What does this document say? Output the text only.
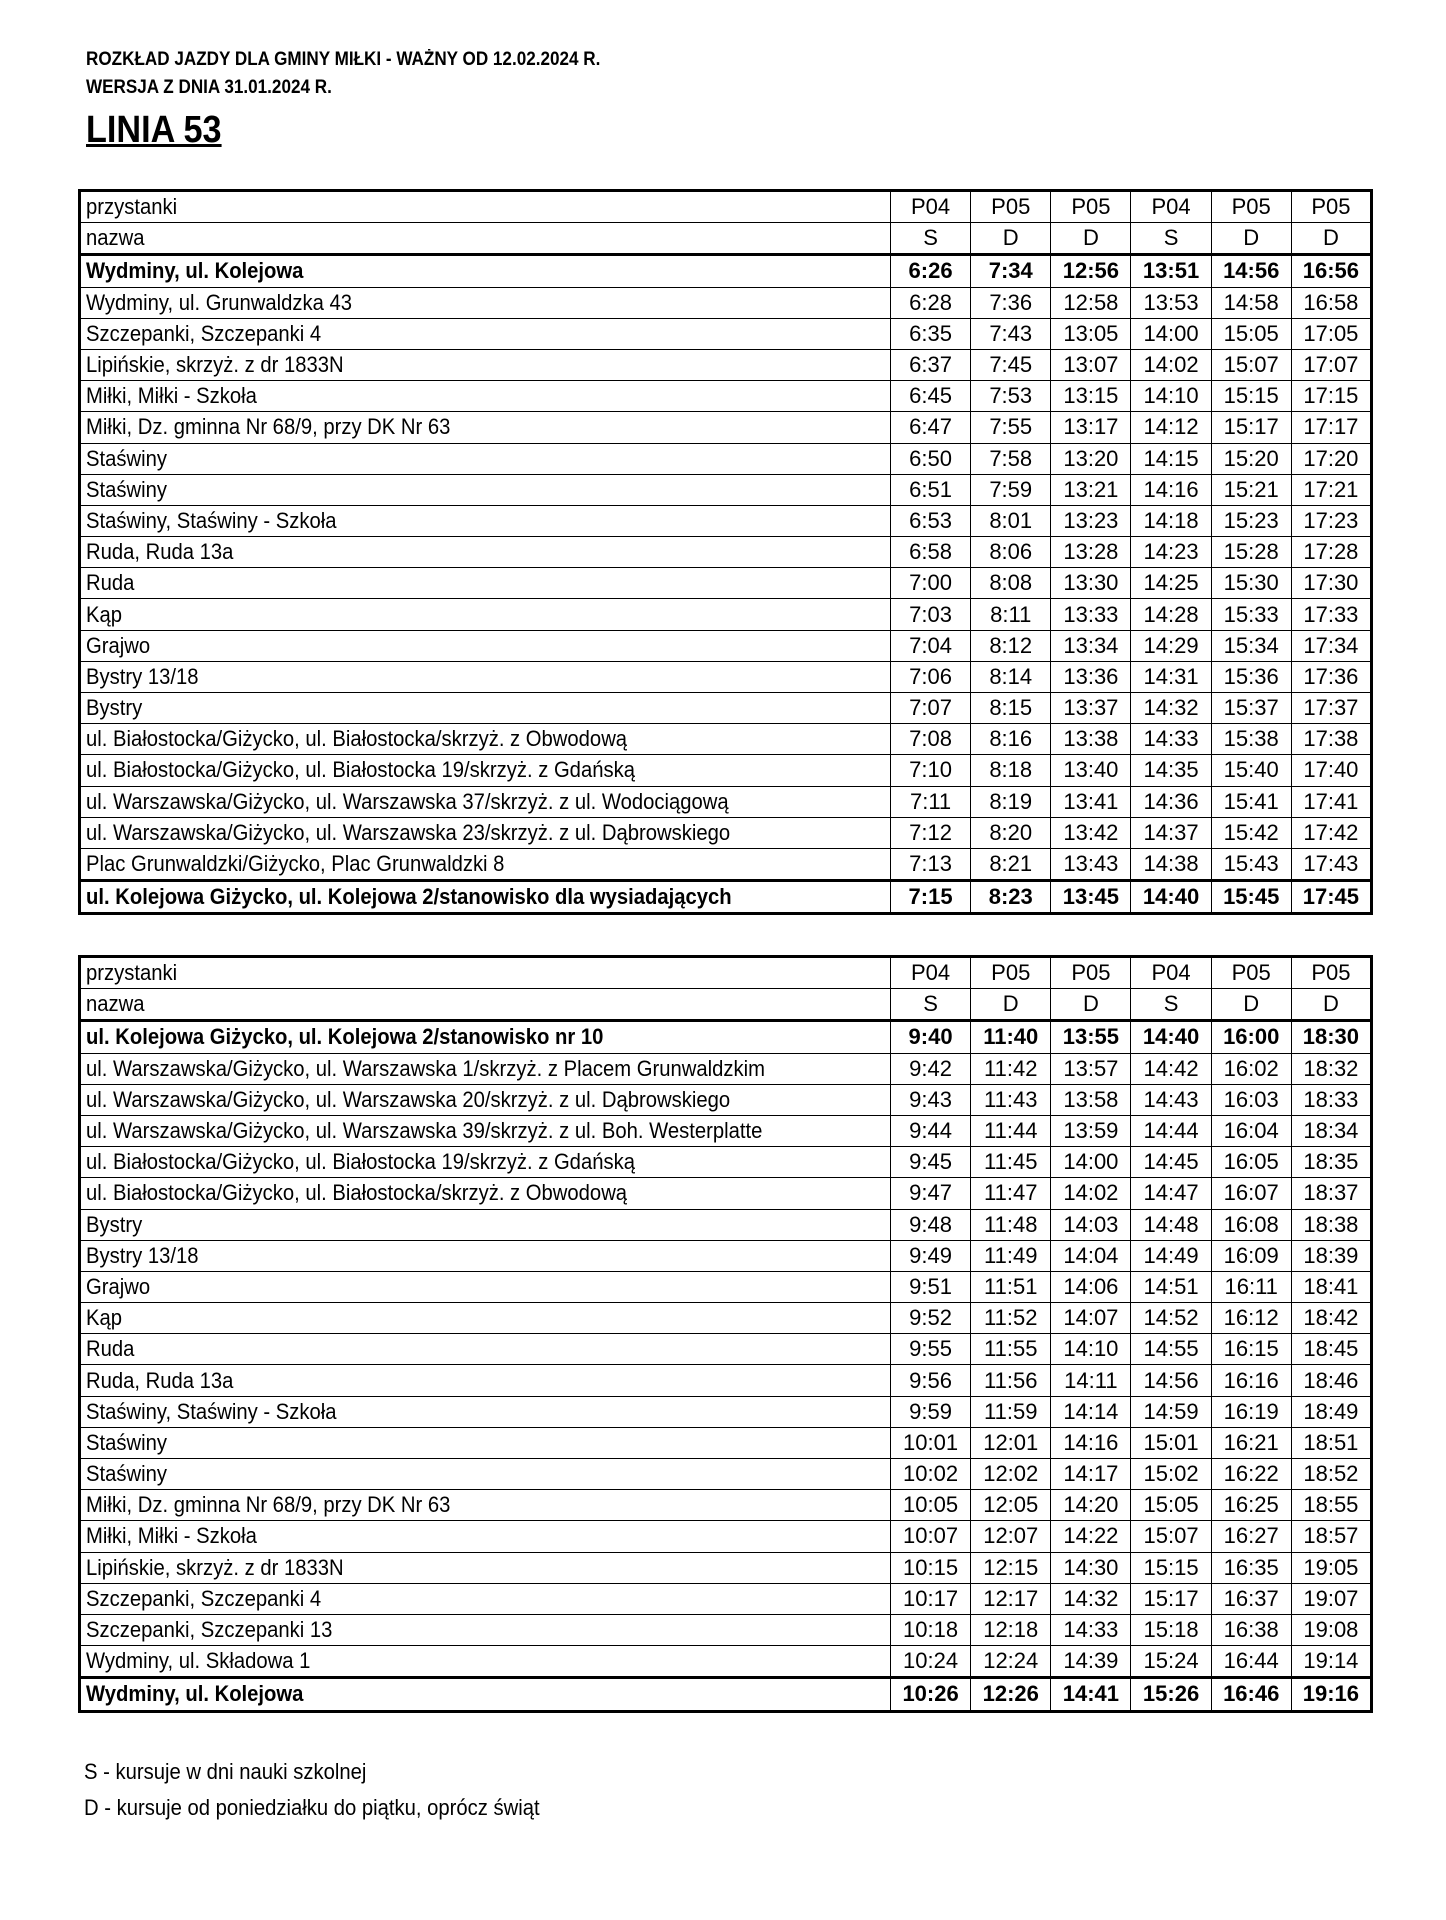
ROZKŁAD JAZDY DLA GMINY MIŁKI - WAŻNY OD 12.02.2024 R.
WERSJA Z DNIA 31.01.2024 R.
LINIA 53
przystanki	P04	P05	P05	P04	P05	P05
nazwa	S	D	D	S	D	D
Wydminy, ul. Kolejowa	6:26	7:34	12:56	13:51	14:56	16:56
Wydminy, ul. Grunwaldzka 43	6:28	7:36	12:58	13:53	14:58	16:58
Szczepanki, Szczepanki 4	6:35	7:43	13:05	14:00	15:05	17:05
Lipińskie, skrzyż. z dr 1833N	6:37	7:45	13:07	14:02	15:07	17:07
Miłki, Miłki - Szkoła	6:45	7:53	13:15	14:10	15:15	17:15
Miłki, Dz. gminna Nr 68/9, przy DK Nr 63	6:47	7:55	13:17	14:12	15:17	17:17
Staświny	6:50	7:58	13:20	14:15	15:20	17:20
Staświny	6:51	7:59	13:21	14:16	15:21	17:21
Staświny, Staświny - Szkoła	6:53	8:01	13:23	14:18	15:23	17:23
Ruda, Ruda 13a	6:58	8:06	13:28	14:23	15:28	17:28
Ruda	7:00	8:08	13:30	14:25	15:30	17:30
Kąp	7:03	8:11	13:33	14:28	15:33	17:33
Grajwo	7:04	8:12	13:34	14:29	15:34	17:34
Bystry 13/18	7:06	8:14	13:36	14:31	15:36	17:36
Bystry	7:07	8:15	13:37	14:32	15:37	17:37
ul. Białostocka/Giżycko, ul. Białostocka/skrzyż. z Obwodową	7:08	8:16	13:38	14:33	15:38	17:38
ul. Białostocka/Giżycko, ul. Białostocka 19/skrzyż. z Gdańską	7:10	8:18	13:40	14:35	15:40	17:40
ul. Warszawska/Giżycko, ul. Warszawska 37/skrzyż. z ul. Wodociągową	7:11	8:19	13:41	14:36	15:41	17:41
ul. Warszawska/Giżycko, ul. Warszawska 23/skrzyż. z ul. Dąbrowskiego	7:12	8:20	13:42	14:37	15:42	17:42
Plac Grunwaldzki/Giżycko, Plac Grunwaldzki 8	7:13	8:21	13:43	14:38	15:43	17:43
ul. Kolejowa Giżycko, ul. Kolejowa 2/stanowisko dla wysiadających	7:15	8:23	13:45	14:40	15:45	17:45
przystanki	P04	P05	P05	P04	P05	P05
nazwa	S	D	D	S	D	D
ul. Kolejowa Giżycko, ul. Kolejowa 2/stanowisko nr 10	9:40	11:40	13:55	14:40	16:00	18:30
ul. Warszawska/Giżycko, ul. Warszawska 1/skrzyż. z Placem Grunwaldzkim	9:42	11:42	13:57	14:42	16:02	18:32
ul. Warszawska/Giżycko, ul. Warszawska 20/skrzyż. z ul. Dąbrowskiego	9:43	11:43	13:58	14:43	16:03	18:33
ul. Warszawska/Giżycko, ul. Warszawska 39/skrzyż. z ul. Boh. Westerplatte	9:44	11:44	13:59	14:44	16:04	18:34
ul. Białostocka/Giżycko, ul. Białostocka 19/skrzyż. z Gdańską	9:45	11:45	14:00	14:45	16:05	18:35
ul. Białostocka/Giżycko, ul. Białostocka/skrzyż. z Obwodową	9:47	11:47	14:02	14:47	16:07	18:37
Bystry	9:48	11:48	14:03	14:48	16:08	18:38
Bystry 13/18	9:49	11:49	14:04	14:49	16:09	18:39
Grajwo	9:51	11:51	14:06	14:51	16:11	18:41
Kąp	9:52	11:52	14:07	14:52	16:12	18:42
Ruda	9:55	11:55	14:10	14:55	16:15	18:45
Ruda, Ruda 13a	9:56	11:56	14:11	14:56	16:16	18:46
Staświny, Staświny - Szkoła	9:59	11:59	14:14	14:59	16:19	18:49
Staświny	10:01	12:01	14:16	15:01	16:21	18:51
Staświny	10:02	12:02	14:17	15:02	16:22	18:52
Miłki, Dz. gminna Nr 68/9, przy DK Nr 63	10:05	12:05	14:20	15:05	16:25	18:55
Miłki, Miłki - Szkoła	10:07	12:07	14:22	15:07	16:27	18:57
Lipińskie, skrzyż. z dr 1833N	10:15	12:15	14:30	15:15	16:35	19:05
Szczepanki, Szczepanki 4	10:17	12:17	14:32	15:17	16:37	19:07
Szczepanki, Szczepanki 13	10:18	12:18	14:33	15:18	16:38	19:08
Wydminy, ul. Składowa 1	10:24	12:24	14:39	15:24	16:44	19:14
Wydminy, ul. Kolejowa	10:26	12:26	14:41	15:26	16:46	19:16
S - kursuje w dni nauki szkolnej
D - kursuje od poniedziałku do piątku, oprócz świąt
